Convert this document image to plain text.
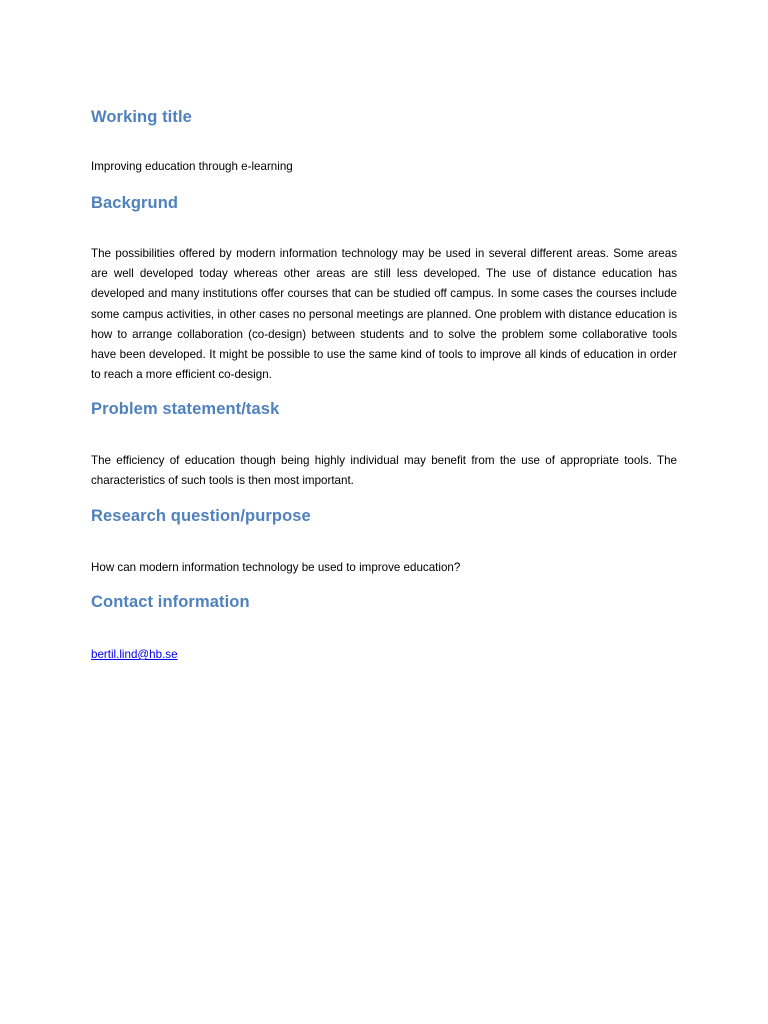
Working title

Improving education through e-learning

Backgrund

The possibilities offered by modern information technology may be used in several different areas. Some areas are well developed today whereas other areas are still less developed. The use of distance education has developed and many institutions offer courses that can be studied off campus. In some cases the courses include some campus activities, in other cases no personal meetings are planned. One problem with distance education is how to arrange collaboration (co-design) between students and to solve the problem some collaborative tools have been developed. It might be possible to use the same kind of tools to improve all kinds of education in order to reach a more efficient co-design.

Problem statement/task

The efficiency of education though being highly individual may benefit from the use of appropriate tools. The characteristics of such tools is then most important.

Research question/purpose

How can modern information technology be used to improve education?

Contact information

bertil.lind@hb.se
